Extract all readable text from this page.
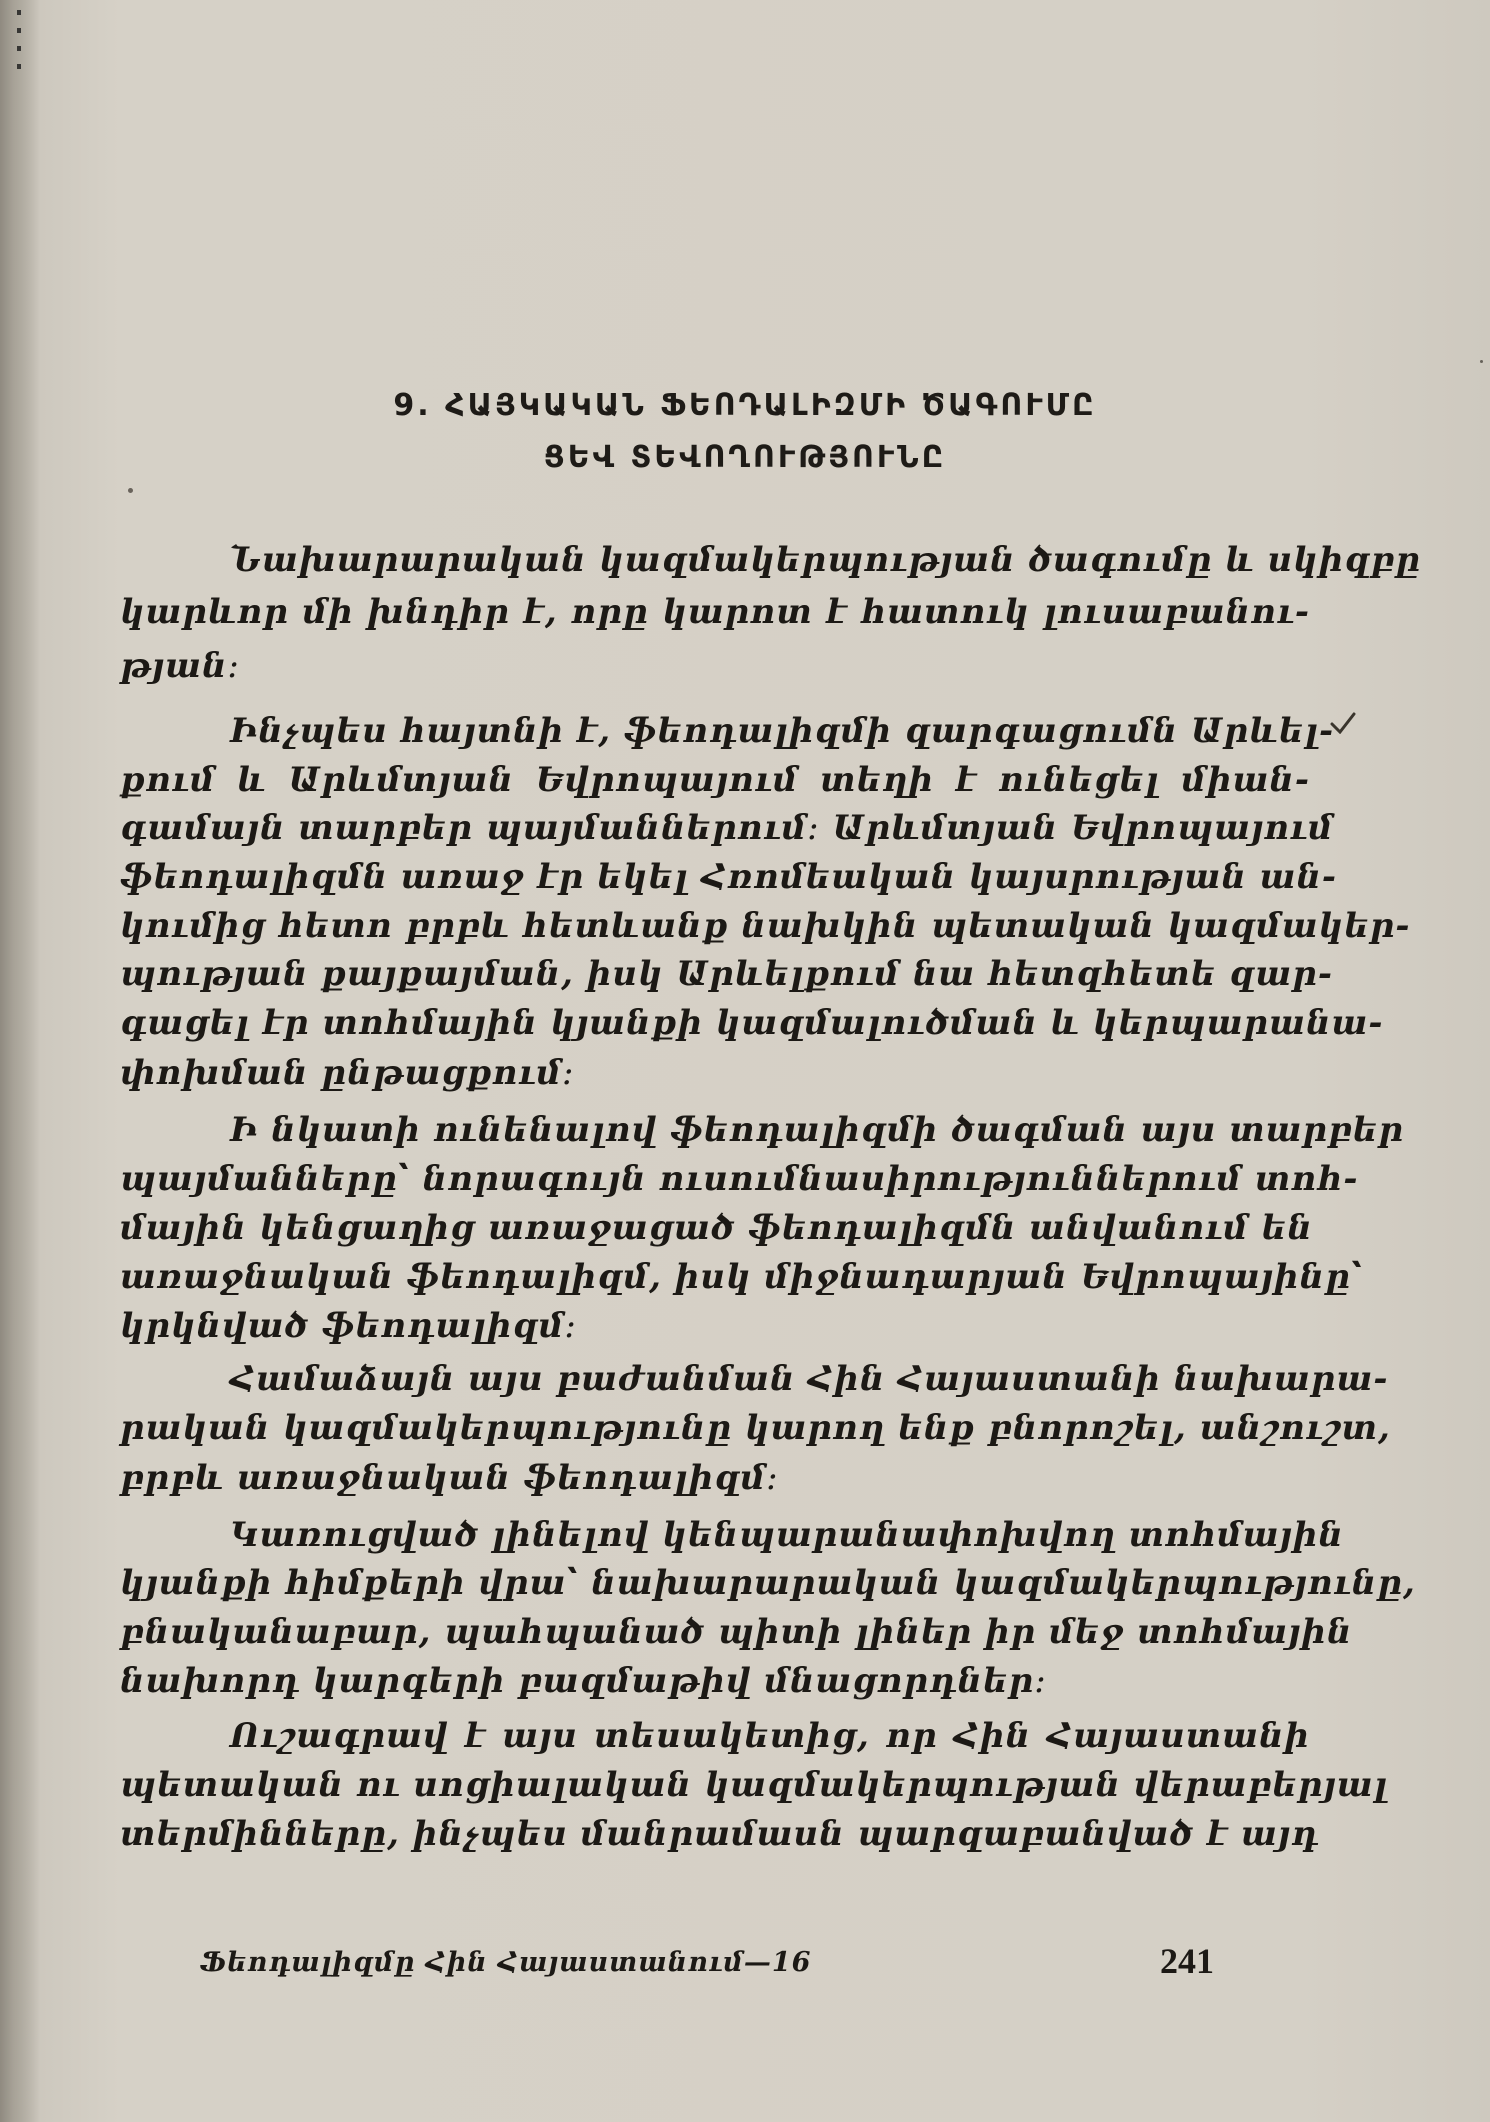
9. ՀԱՅԿԱԿԱՆ ՖԵՈԴԱԼԻԶՄԻ ԾԱԳՈՒՄԸ
ՑԵՎ ՏԵՎՈՂՈՒԹՅՈՒՆԸ
Նախարարական կազմակերպության ծագումը և սկիզբը
կարևոր մի խնդիր է, որը կարոտ է հատուկ լուսաբանու-
թյան։
Ինչպես հայտնի է, ֆեոդալիզմի զարգացումն Արևել-
քում և Արևմտյան Եվրոպայում տեղի է ունեցել միան-
գամայն տարբեր պայմաններում։ Արևմտյան Եվրոպայում
ֆեոդալիզմն առաջ էր եկել Հռոմեական կայսրության ան-
կումից հետո բրբև հետևանք նախկին պետական կազմակեր-
պության քայքայման, իսկ Արևելքում նա հետզհետե զար-
գացել էր տոհմային կյանքի կազմալուծման և կերպարանա-
փոխման ընթացքում։
Ի նկատի ունենալով ֆեոդալիզմի ծագման այս տարբեր
պայմանները՝ նորագույն ուսումնասիրություններում տոհ-
մային կենցաղից առաջացած ֆեոդալիզմն անվանում են
առաջնական ֆեոդալիզմ, իսկ միջնադարյան Եվրոպայինը՝
կրկնված ֆեոդալիզմ։
Համաձայն այս բաժանման Հին Հայաստանի նախարա-
րական կազմակերպությունը կարող ենք բնորոշել, անշուշտ,
բրբև առաջնական ֆեոդալիզմ։
Կառուցված լինելով կենպարանափոխվող տոհմային
կյանքի հիմքերի վրա՝ նախարարական կազմակերպությունը,
բնականաբար, պահպանած պիտի լիներ իր մեջ տոհմային
նախորդ կարգերի բազմաթիվ մնացորդներ։
Ուշագրավ է այս տեսակետից, որ Հին Հայաստանի
պետական ու սոցիալական կազմակերպության վերաբերյալ
տերմինները, ինչպես մանրամասն պարզաբանված է այդ
Ֆեոդալիզմը Հին Հայաստանում—16	241
